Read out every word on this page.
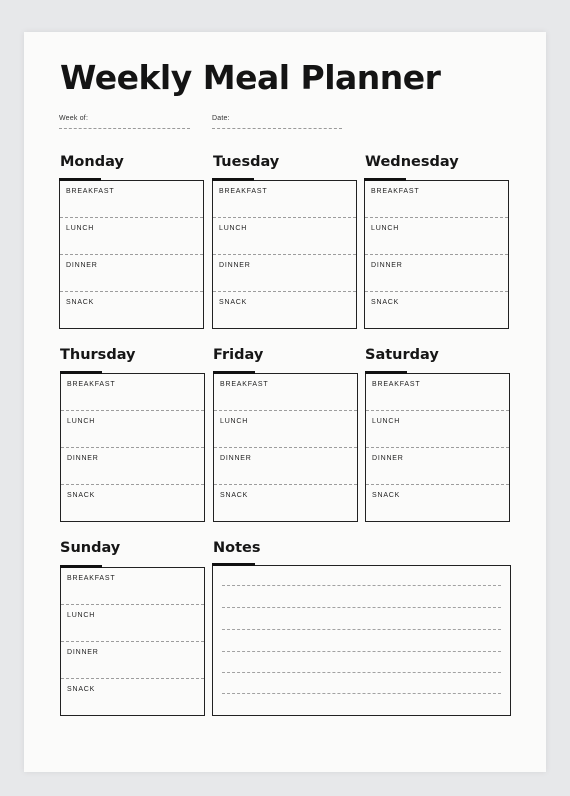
Weekly Meal Planner
Week of:	Date:
Monday
BREAKFAST
LUNCH
DINNER
SNACK
Tuesday
BREAKFAST
LUNCH
DINNER
SNACK
Wednesday
BREAKFAST
LUNCH
DINNER
SNACK
Thursday
BREAKFAST
LUNCH
DINNER
SNACK
Friday
BREAKFAST
LUNCH
DINNER
SNACK
Saturday
BREAKFAST
LUNCH
DINNER
SNACK
Sunday
BREAKFAST
LUNCH
DINNER
SNACK
Notes
